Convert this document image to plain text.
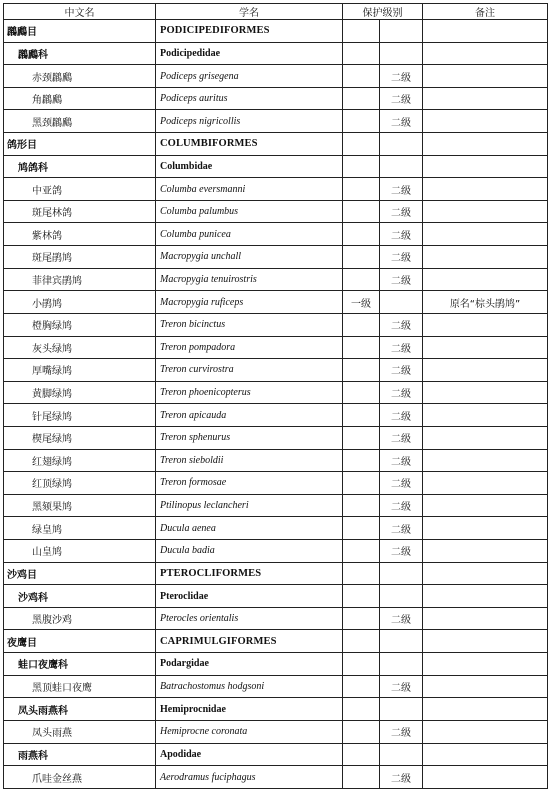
中文名	学名	保护级别		备注
鸊鷉目	PODICIPEDIFORMES			
鸊鷉科	Podicipedidae			
赤颈鸊鷉	Podiceps grisegena		二级	
角鸊鷉	Podiceps auritus		二级	
黑颈鸊鷉	Podiceps nigricollis		二级	
鸽形目	COLUMBIFORMES			
鸠鸽科	Columbidae			
中亚鸽	Columba eversmanni		二级	
斑尾林鸽	Columba palumbus		二级	
紫林鸽	Columba punicea		二级	
斑尾鹃鸠	Macropygia unchall		二级	
菲律宾鹃鸠	Macropygia tenuirostris		二级	
小鹃鸠	Macropygia ruficeps	一级		原名“棕头鹃鸠”
橙胸绿鸠	Treron bicinctus		二级	
灰头绿鸠	Treron pompadora		二级	
厚嘴绿鸠	Treron curvirostra		二级	
黄脚绿鸠	Treron phoenicopterus		二级	
针尾绿鸠	Treron apicauda		二级	
楔尾绿鸠	Treron sphenurus		二级	
红翅绿鸠	Treron sieboldii		二级	
红顶绿鸠	Treron formosae		二级	
黑颏果鸠	Ptilinopus leclancheri		二级	
绿皇鸠	Ducula aenea		二级	
山皇鸠	Ducula badia		二级	
沙鸡目	PTEROCLIFORMES			
沙鸡科	Pteroclidae			
黑腹沙鸡	Pterocles orientalis		二级	
夜鹰目	CAPRIMULGIFORMES			
蛙口夜鹰科	Podargidae			
黑顶蛙口夜鹰	Batrachostomus hodgsoni		二级	
凤头雨燕科	Hemiprocnidae			
凤头雨燕	Hemiprocne coronata		二级	
雨燕科	Apodidae			
爪哇金丝燕	Aerodramus fuciphagus		二级	
